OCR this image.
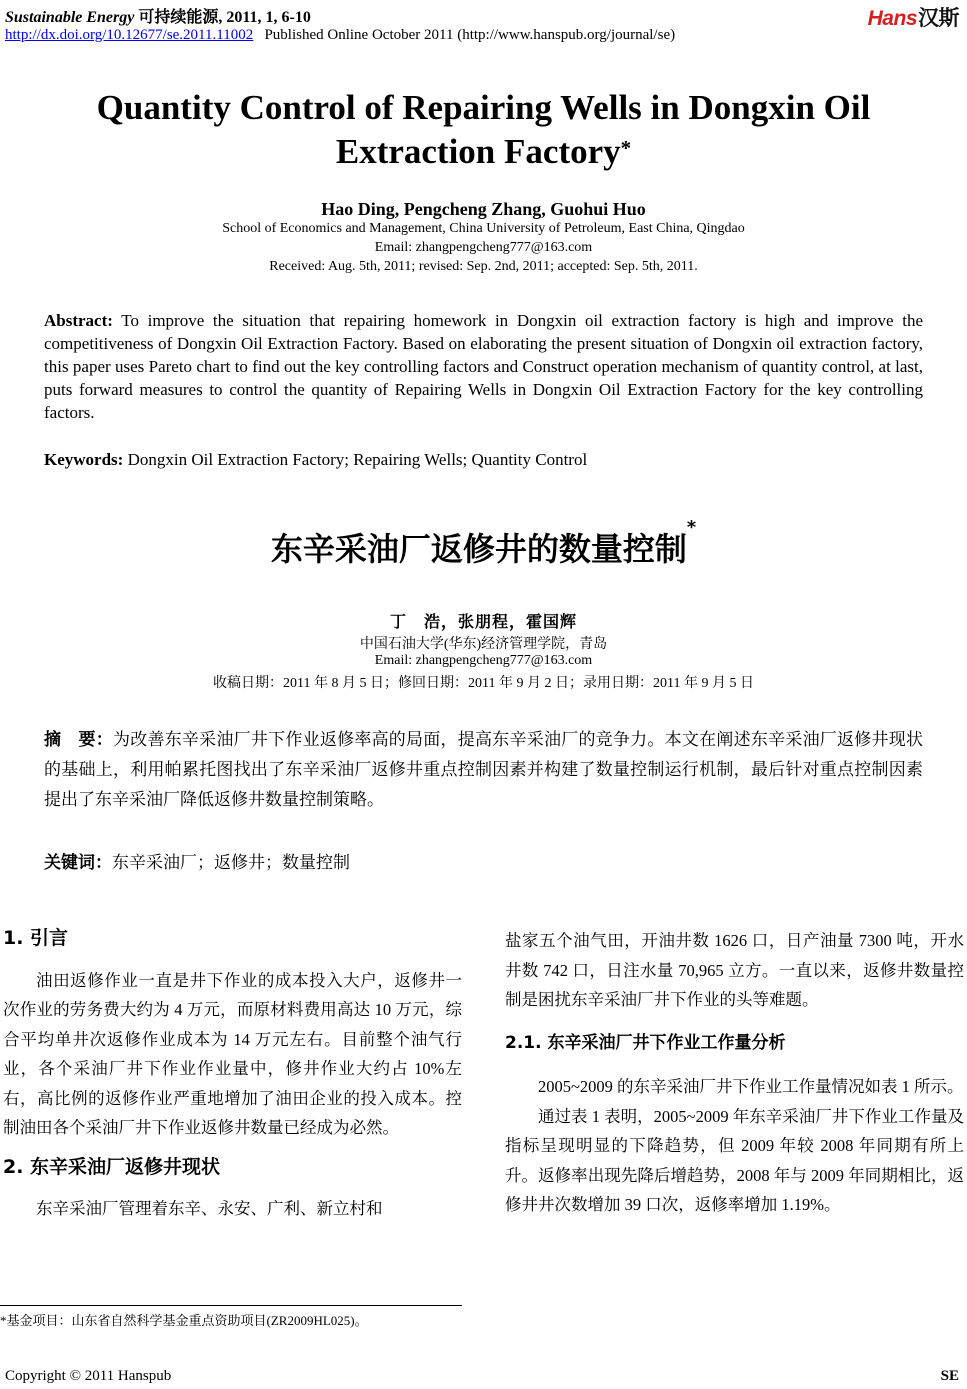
Sustainable Energy 可持续能源, 2011, 1, 6-10
http://dx.doi.org/10.12677/se.2011.11002 Published Online October 2011 (http://www.hanspub.org/journal/se)
Hans汉斯
Quantity Control of Repairing Wells in Dongxin Oil Extraction Factory*
Hao Ding, Pengcheng Zhang, Guohui Huo
School of Economics and Management, China University of Petroleum, East China, Qingdao
Email: zhangpengcheng777@163.com
Received: Aug. 5th, 2011; revised: Sep. 2nd, 2011; accepted: Sep. 5th, 2011.
Abstract: To improve the situation that repairing homework in Dongxin oil extraction factory is high and improve the competitiveness of Dongxin Oil Extraction Factory. Based on elaborating the present situation of Dongxin oil extraction factory, this paper uses Pareto chart to find out the key controlling factors and Construct operation mechanism of quantity control, at last, puts forward measures to control the quantity of Repairing Wells in Dongxin Oil Extraction Factory for the key controlling factors.
Keywords: Dongxin Oil Extraction Factory; Repairing Wells; Quantity Control
东辛采油厂返修井的数量控制*
丁　浩，张朋程，霍国辉
中国石油大学(华东)经济管理学院，青岛
Email: zhangpengcheng777@163.com
收稿日期：2011 年 8 月 5 日；修回日期：2011 年 9 月 2 日；录用日期：2011 年 9 月 5 日
摘　要：为改善东辛采油厂井下作业返修率高的局面，提高东辛采油厂的竞争力。本文在阐述东辛采油厂返修井现状的基础上，利用帕累托图找出了东辛采油厂返修井重点控制因素并构建了数量控制运行机制，最后针对重点控制因素提出了东辛采油厂降低返修井数量控制策略。
关键词：东辛采油厂；返修井；数量控制
1. 引言

油田返修作业一直是井下作业的成本投入大户，返修井一次作业的劳务费大约为 4 万元，而原材料费用高达 10 万元，综合平均单井次返修作业成本为 14 万元左右。目前整个油气行业，各个采油厂井下作业作业量中，修井作业大约占 10%左右，高比例的返修作业严重地增加了油田企业的投入成本。控制油田各个采油厂井下作业返修井数量已经成为必然。

2. 东辛采油厂返修井现状

东辛采油厂管理着东辛、永安、广利、新立村和

盐家五个油气田，开油井数 1626 口，日产油量 7300 吨，开水井数 742 口，日注水量 70,965 立方。一直以来，返修井数量控制是困扰东辛采油厂井下作业的头等难题。

2.1. 东辛采油厂井下作业工作量分析

2005~2009 的东辛采油厂井下作业工作量情况如表 1 所示。

通过表 1 表明，2005~2009 年东辛采油厂井下作业工作量及指标呈现明显的下降趋势，但 2009 年较 2008 年同期有所上升。返修率出现先降后增趋势，2008 年与 2009 年同期相比，返修井井次数增加 39 口次，返修率增加 1.19%。

*基金项目：山东省自然科学基金重点资助项目(ZR2009HL025)。
Copyright © 2011 Hanspub	SE
